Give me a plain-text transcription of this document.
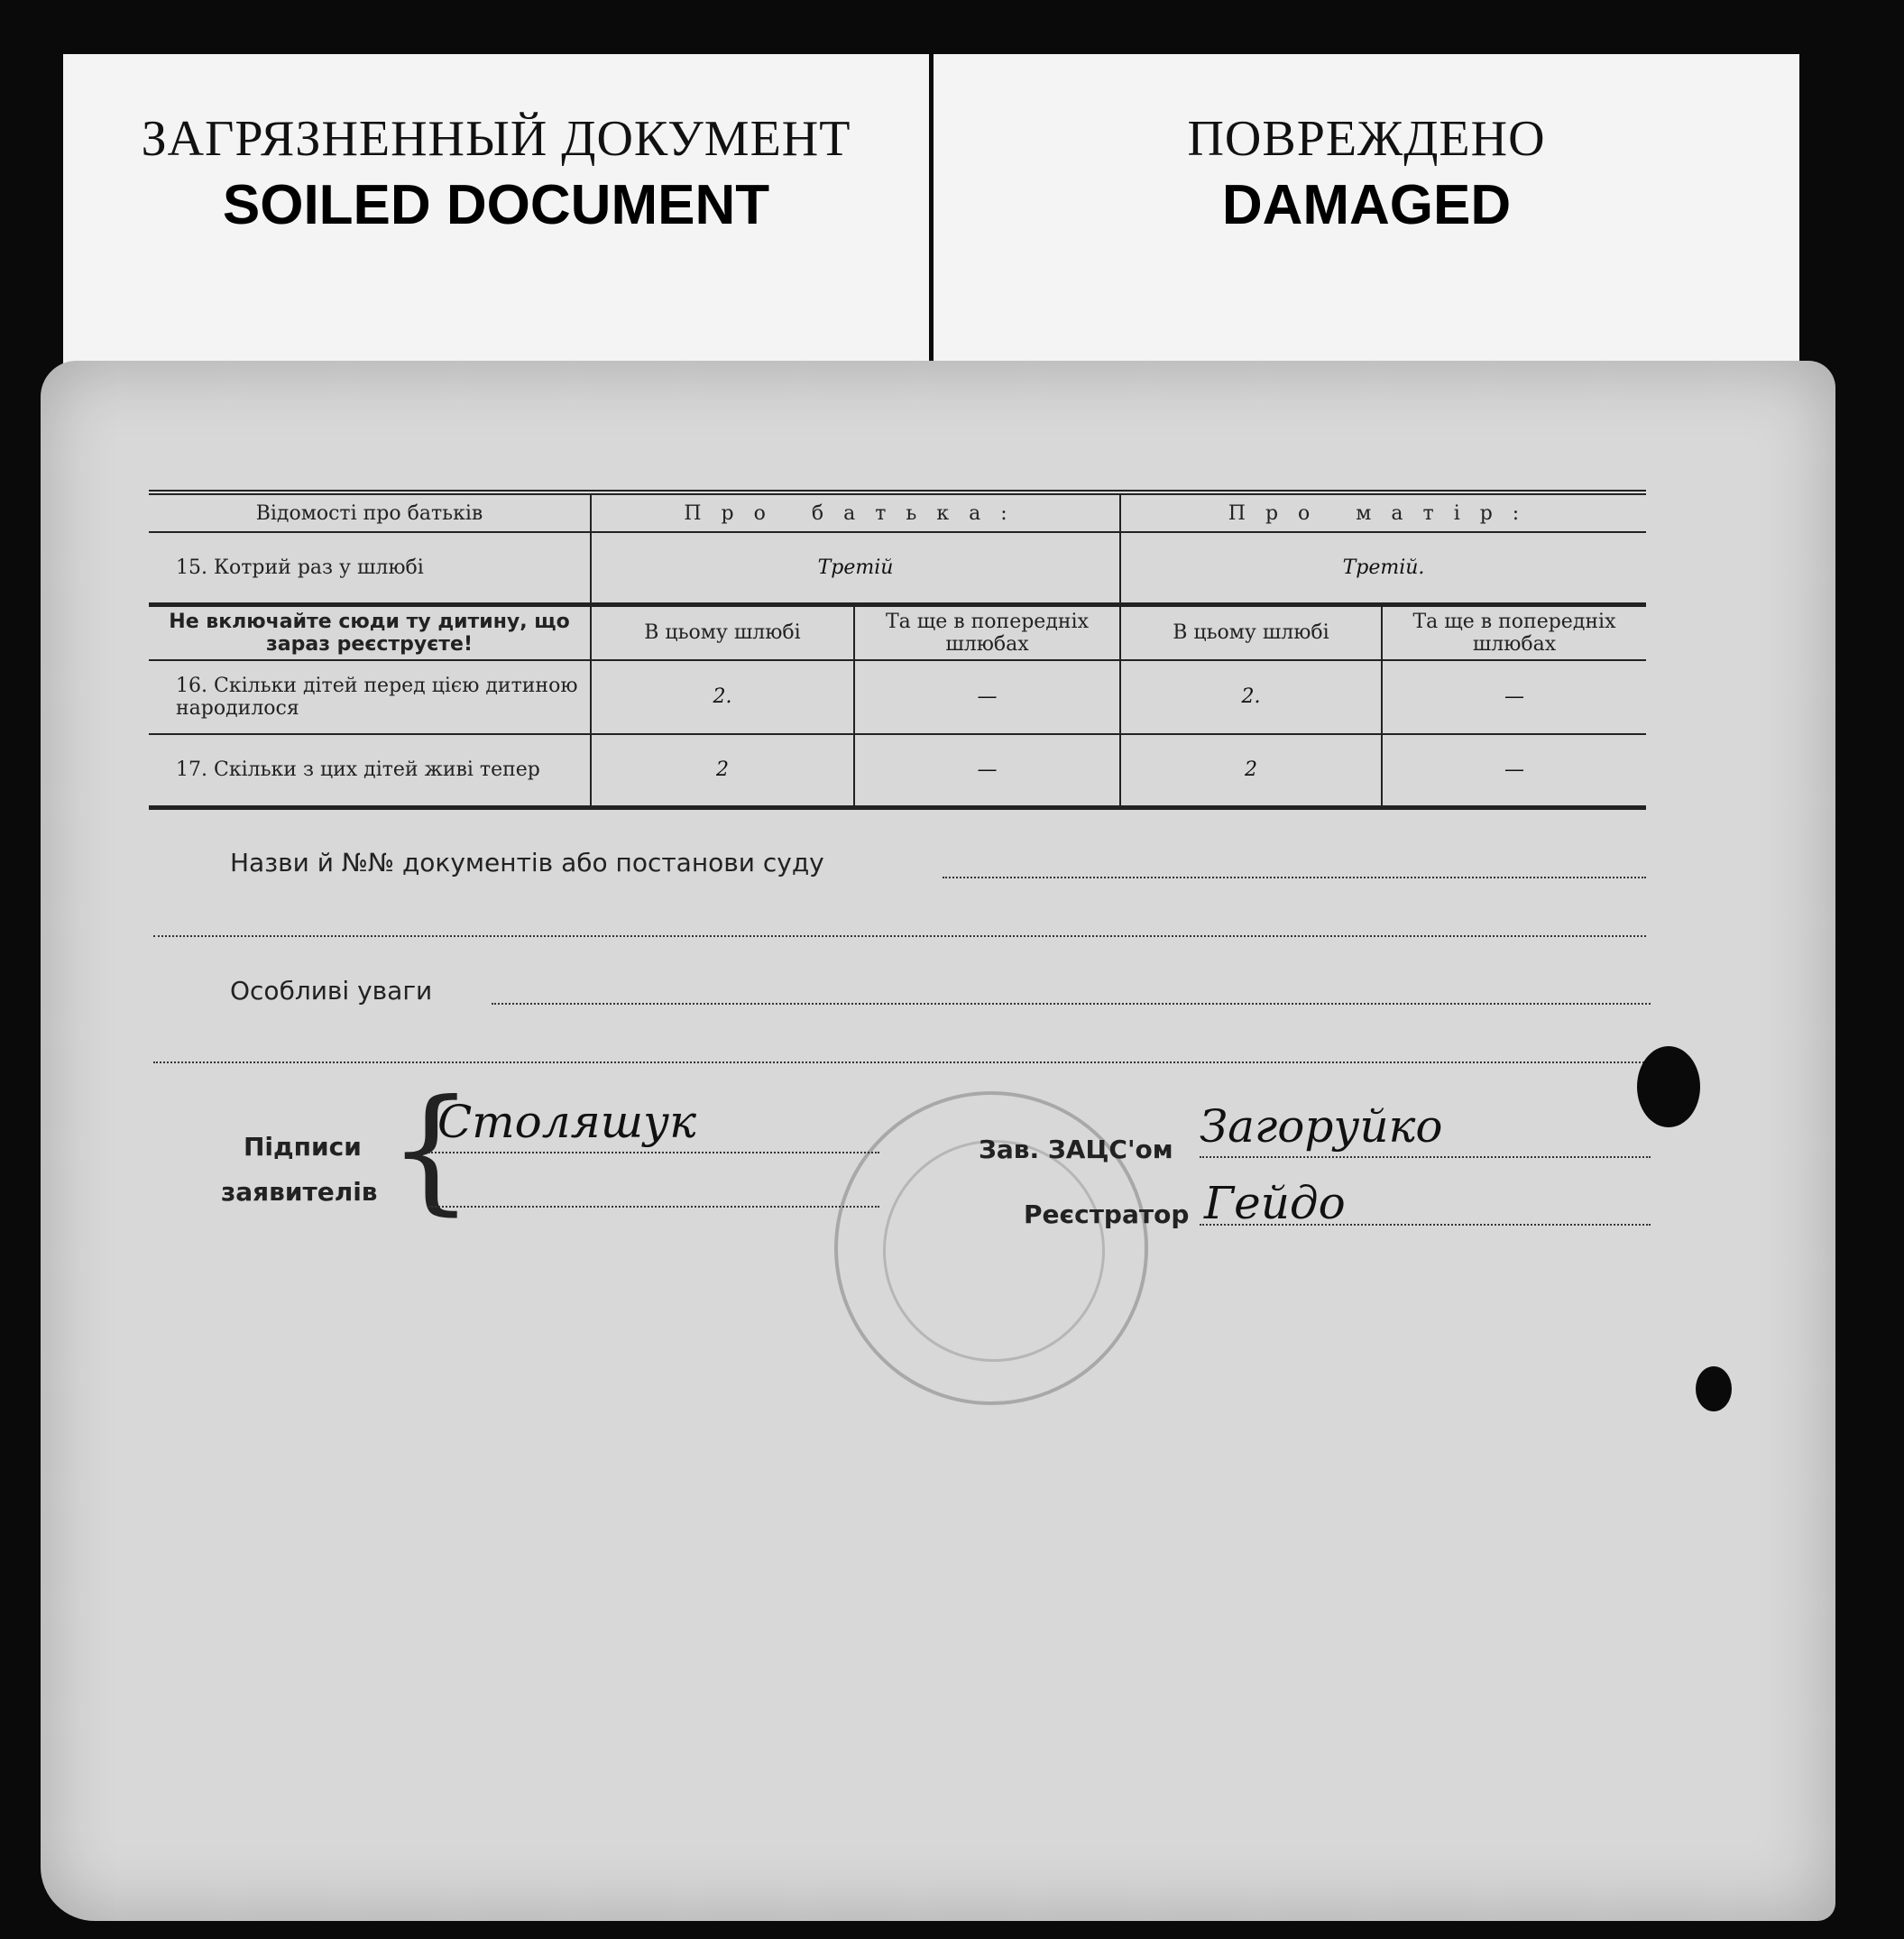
ЗАГРЯЗНЕННЫЙ ДОКУМЕНТ
SOILED DOCUMENT
ПОВРЕЖДЕНО
DAMAGED
Відомості про батьків	Про батька:		Про матір:	
15. Котрий раз у шлюбі	Третій		Третій.	
Не включайте сюди ту дитину, що зараз реєструєте!	В цьому шлюбі	Та ще в попередніх шлюбах	В цьому шлюбі	Та ще в попередніх шлюбах
16. Скільки дітей перед цією дитиною народилося	2.	—	2.	—
17. Скільки з цих дітей живі тепер	2	—	2	—
Назви й №№ документів або постанови суду
Особливі уваги
Підписи
заявителів {
Столяшук
Зав. ЗАЦС'ом Загоруйко
Реєстратор Гейдо
